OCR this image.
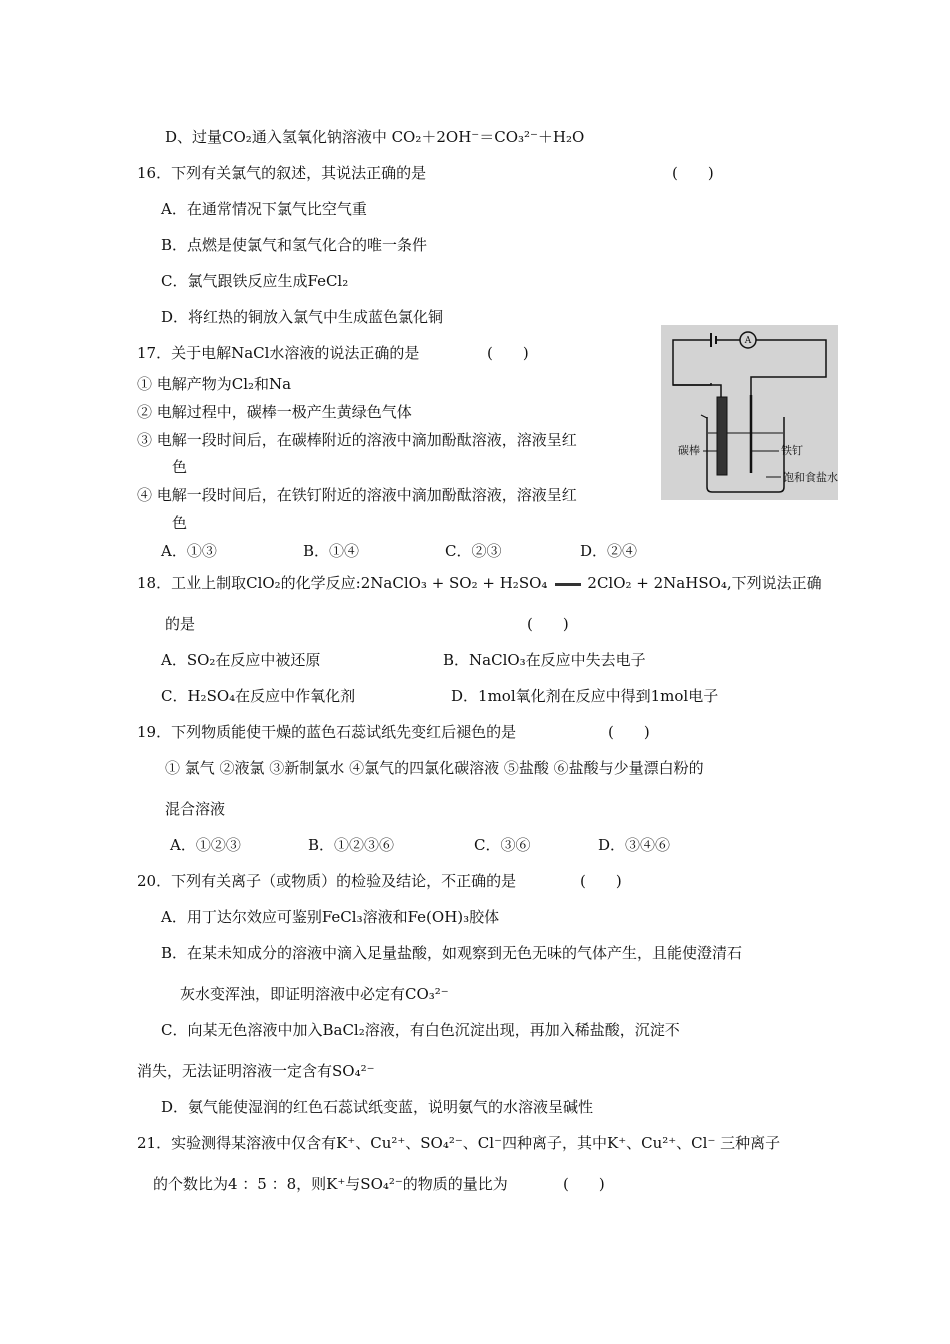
D、过量CO₂通入氢氧化钠溶液中 CO₂＋2OH⁻＝CO₃²⁻＋H₂O
16．下列有关氯气的叙述，其说法正确的是	(　　)
A．在通常情况下氯气比空气重
B．点燃是使氯气和氢气化合的唯一条件
C．氯气跟铁反应生成FeCl₂
D．将红热的铜放入氯气中生成蓝色氯化铜
17．关于电解NaCl水溶液的说法正确的是	(　　)
① 电解产物为Cl₂和Na
② 电解过程中，碳棒一极产生黄绿色气体
③ 电解一段时间后，在碳棒附近的溶液中滴加酚酞溶液，溶液呈红
色
④ 电解一段时间后，在铁钉附近的溶液中滴加酚酞溶液，溶液呈红
色
A．①③	B．①④	C．②③	D．②④
A
碳棒	铁钉
饱和食盐水
18．工业上制取ClO₂的化学反应:2NaClO₃ + SO₂ + H₂SO₄	2ClO₂ + 2NaHSO₄,下列说法正确
的是	(　　)
A．SO₂在反应中被还原	B．NaClO₃在反应中失去电子
C．H₂SO₄在反应中作氧化剂	D．1mol氧化剂在反应中得到1mol电子
19．下列物质能使干燥的蓝色石蕊试纸先变红后褪色的是	(　　)
① 氯气 ②液氯 ③新制氯水 ④氯气的四氯化碳溶液 ⑤盐酸 ⑥盐酸与少量漂白粉的
混合溶液
A．①②③	B．①②③⑥	C．③⑥	D．③④⑥
20．下列有关离子（或物质）的检验及结论，不正确的是	(　　)
A．用丁达尔效应可鉴别FeCl₃溶液和Fe(OH)₃胶体
B．在某未知成分的溶液中滴入足量盐酸，如观察到无色无味的气体产生，且能使澄清石
灰水变浑浊，即证明溶液中必定有CO₃²⁻
C．向某无色溶液中加入BaCl₂溶液，有白色沉淀出现，再加入稀盐酸，沉淀不
消失，无法证明溶液一定含有SO₄²⁻
D．氨气能使湿润的红色石蕊试纸变蓝，说明氨气的水溶液呈碱性
21．实验测得某溶液中仅含有K⁺、Cu²⁺、SO₄²⁻、Cl⁻四种离子，其中K⁺、Cu²⁺、Cl⁻ 三种离子
的个数比为4 ：5 ：8，则K⁺与SO₄²⁻的物质的量比为	(　　)
